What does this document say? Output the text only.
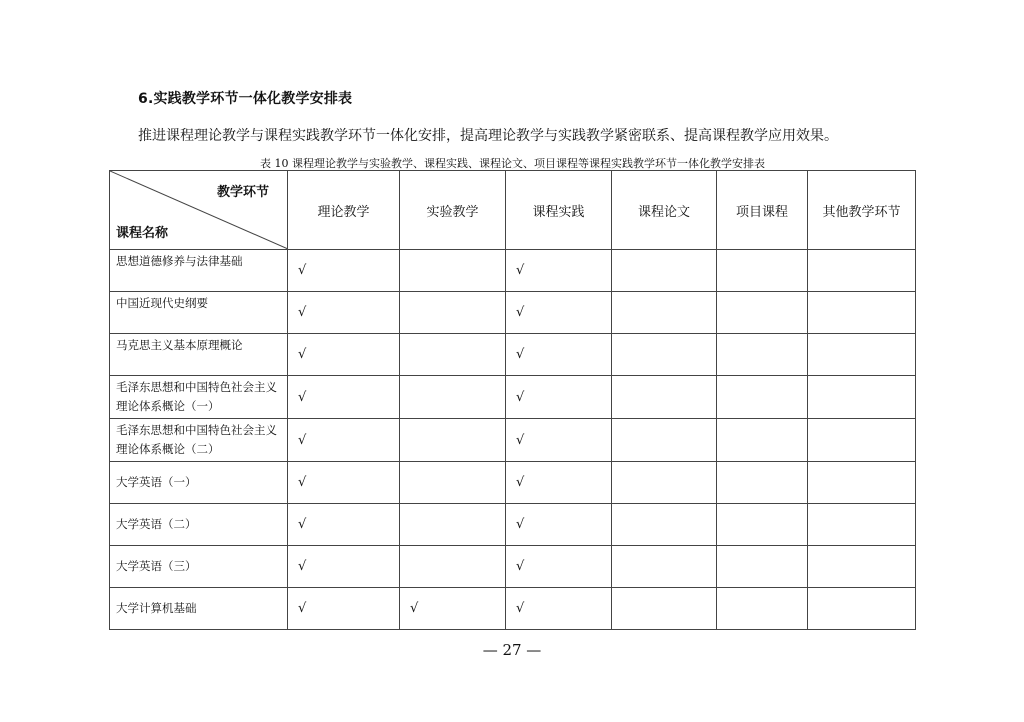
6.实践教学环节一体化教学安排表
推进课程理论教学与课程实践教学环节一体化安排，提高理论教学与实践教学紧密联系、提高课程教学应用效果。
表 10 课程理论教学与实验教学、课程实践、课程论文、项目课程等课程实践教学环节一体化教学安排表
教学环节
课程名称	理论教学	实验教学	课程实践	课程论文	项目课程	其他教学环节
思想道德修养与法律基础	√		√			
中国近现代史纲要	√		√			
马克思主义基本原理概论	√		√			
毛泽东思想和中国特色社会主义理论体系概论（一）	√		√			
毛泽东思想和中国特色社会主义理论体系概论（二）	√		√			
大学英语（一）	√		√			
大学英语（二）	√		√			
大学英语（三）	√		√			
大学计算机基础	√	√	√			
— 27 —
